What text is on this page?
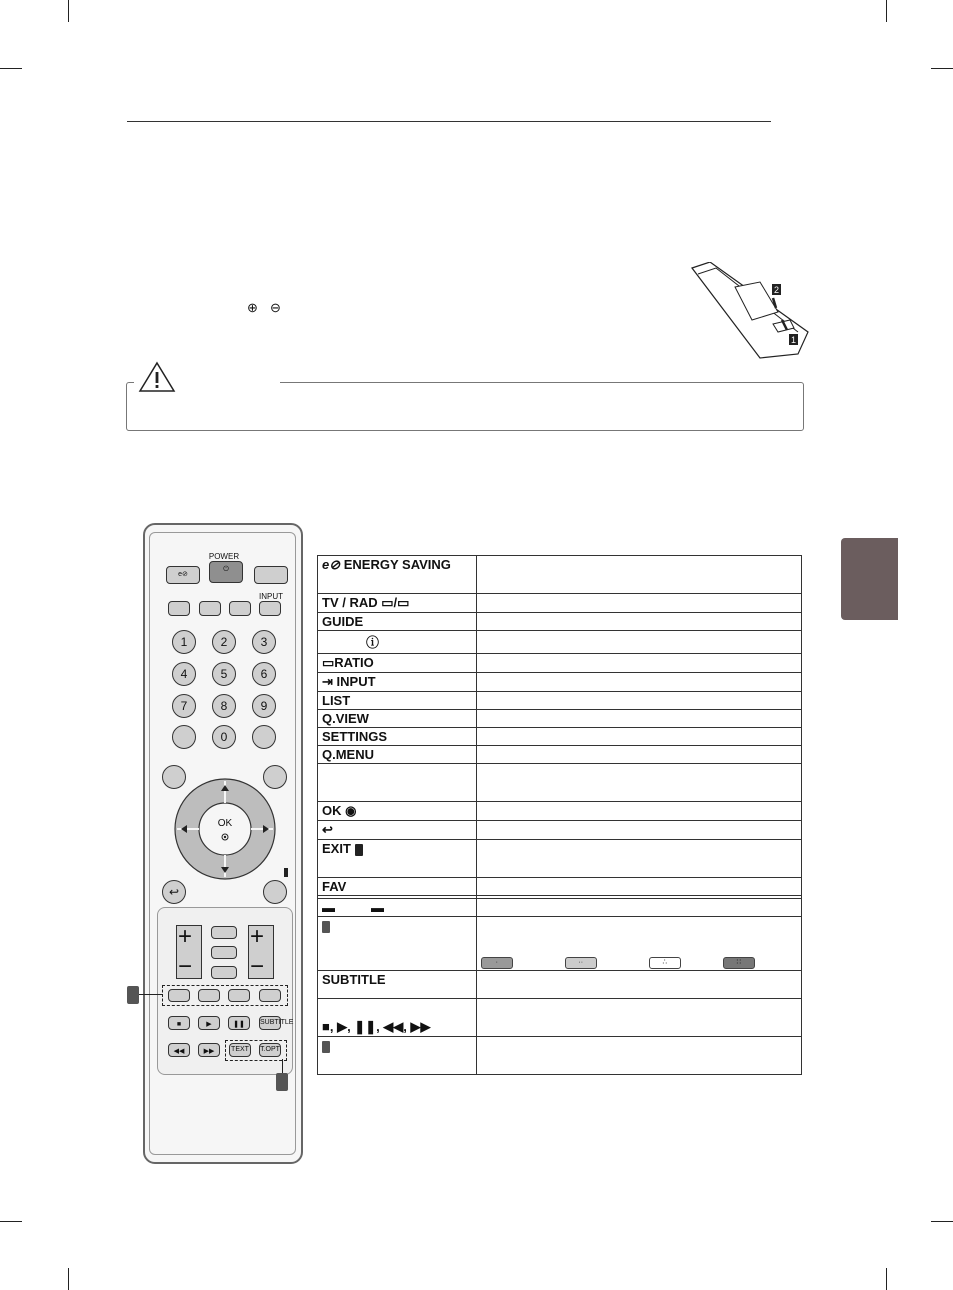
⊕ ⊖
2
1
POWER
e⊘
⏻
INPUT
1	2	3
4	5	6
7	8	9
0
OK
↩
+
−
+
−
■	▶	❚❚	SUBTITLE
◀◀	▶▶	TEXT T.OPT
e⊘ ENERGY SAVING	
TV / RAD ▭/▭	
GUIDE	
ⓘ	
▭RATIO	
⇥ INPUT	
LIST	
Q.VIEW	
SETTINGS	
Q.MENU	

OK ◉	
↩	
EXIT	
FAV	

▬ ▬	
	· ·· ∴ ∷
SUBTITLE	
■, ▶, ❚❚, ◀◀, ▶▶	
